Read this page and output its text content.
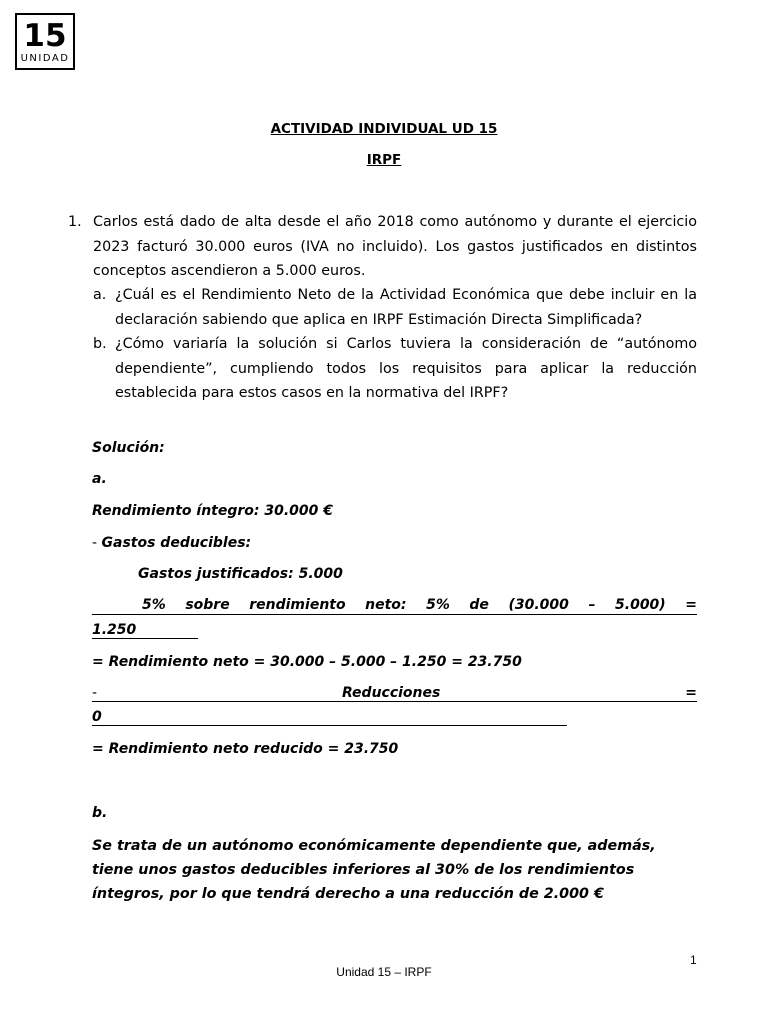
15
UNIDAD
ACTIVIDAD INDIVIDUAL UD 15
IRPF
1. Carlos está dado de alta desde el año 2018 como autónomo y durante el ejercicio 2023 facturó 30.000 euros (IVA no incluido). Los gastos justificados en distintos conceptos ascendieron a 5.000 euros.
a. ¿Cuál es el Rendimiento Neto de la Actividad Económica que debe incluir en la declaración sabiendo que aplica en IRPF Estimación Directa Simplificada?
b. ¿Cómo variaría la solución si Carlos tuviera la consideración de “autónomo dependiente”, cumpliendo todos los requisitos para aplicar la reducción establecida para estos casos en la normativa del IRPF?
Solución:
a.
Rendimiento íntegro: 30.000 €
- Gastos deducibles:
Gastos justificados: 5.000
5% sobre rendimiento neto: 5% de (30.000 – 5.000) =
1.250
= Rendimiento neto = 30.000 – 5.000 – 1.250 = 23.750
-	Reducciones	=
0
= Rendimiento neto reducido = 23.750
b.
Se trata de un autónomo económicamente dependiente que, además, tiene unos gastos deducibles inferiores al 30% de los rendimientos íntegros, por lo que tendrá derecho a una reducción de 2.000 €
1
Unidad 15 – IRPF
